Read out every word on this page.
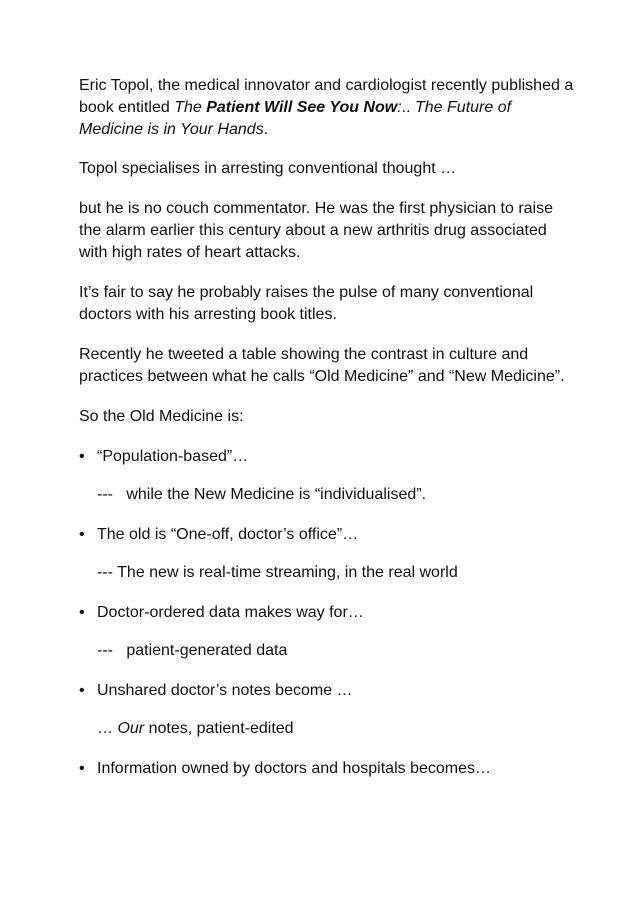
Eric Topol, the medical innovator and cardiologist recently published a book entitled The Patient Will See You Now:.. The Future of Medicine is in Your Hands.

Topol specialises in arresting conventional thought …

but he is no couch commentator. He was the first physician to raise the alarm earlier this century about a new arthritis drug associated with high rates of heart attacks.

It’s fair to say he probably raises the pulse of many conventional doctors with his arresting book titles.

Recently he tweeted a table showing the contrast in culture and practices between what he calls “Old Medicine” and “New Medicine”.

So the Old Medicine is:

• “Population-based”…

---   while the New Medicine is “individualised”.

• The old is “One-off, doctor’s office”…

--- The new is real-time streaming, in the real world

• Doctor-ordered data makes way for…

---   patient-generated data

• Unshared doctor’s notes become …

… Our notes, patient-edited

• Information owned by doctors and hospitals becomes…
